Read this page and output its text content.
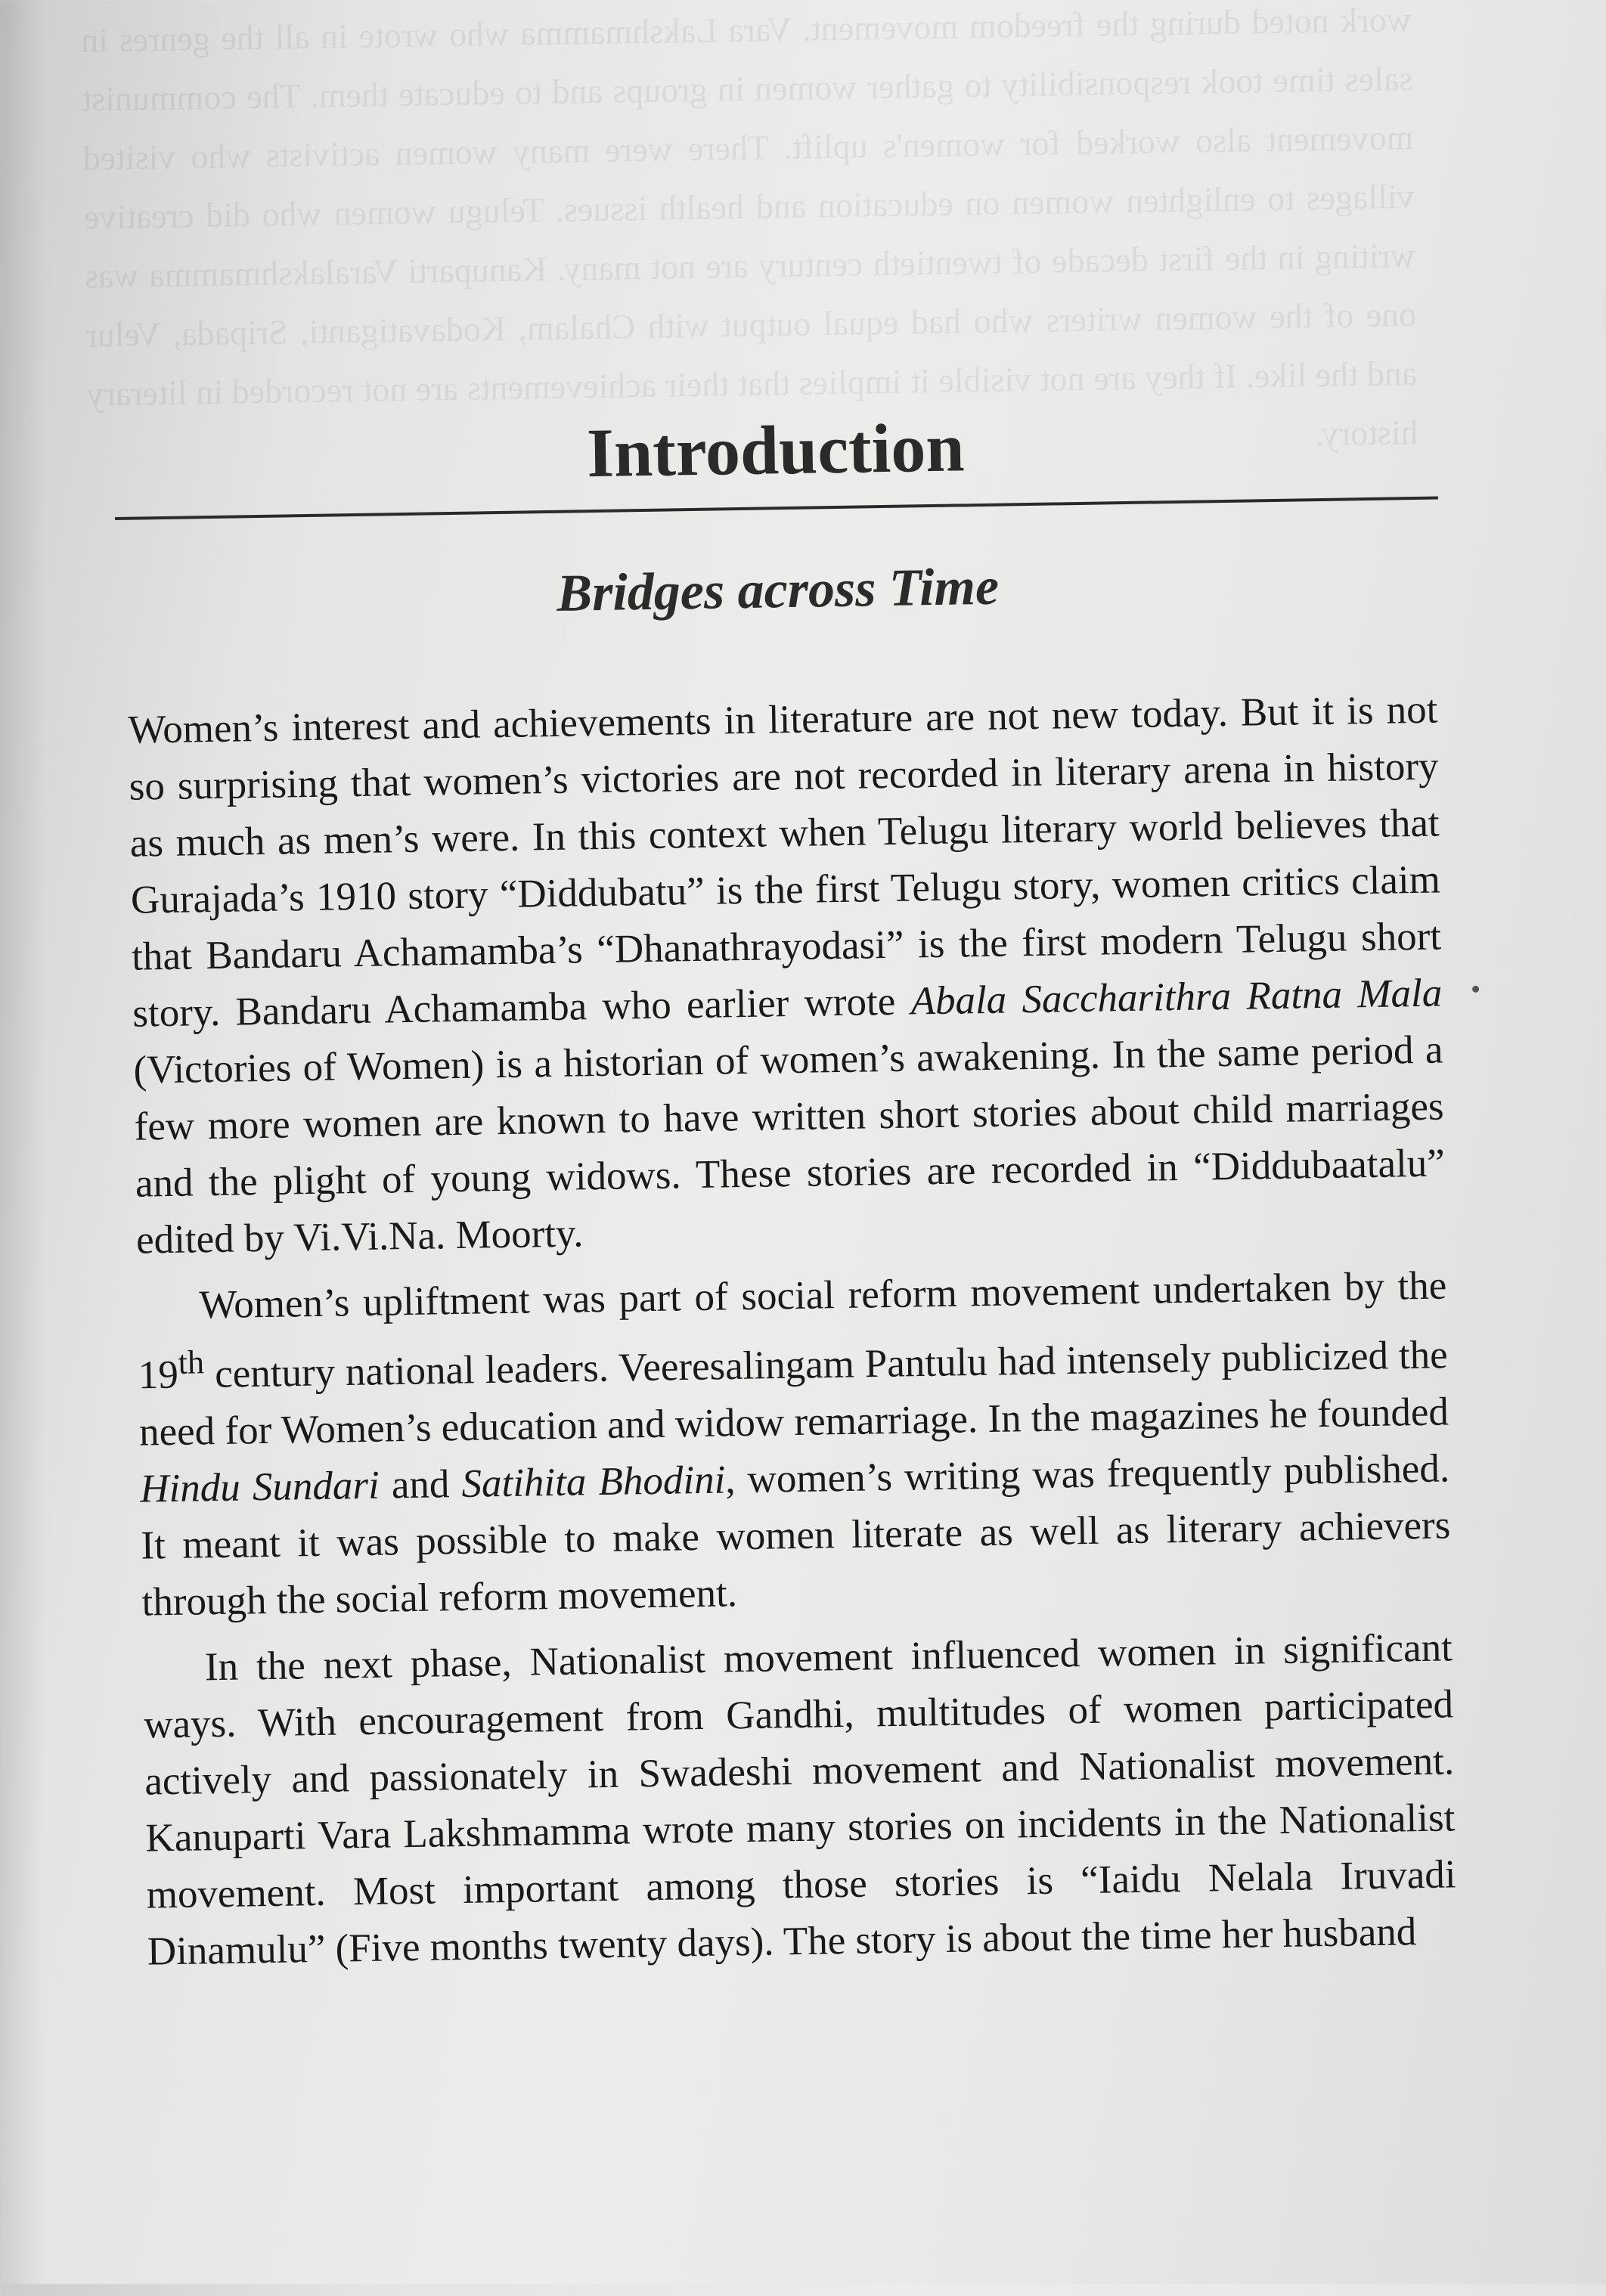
work noted during the freedom movement. Vara Lakshmamma who wrote in all the genres in sales time took responsibility to gather women in groups and to educate them. The communist movement also worked for women's uplift. There were many women activists who visited villages to enlighten women on education and health issues. Telugu women who did creative writing in the first decade of twentieth century are not many. Kanuparti Varalakshmamma was one of the women writers who had equal output with Chalam, Kodavatiganti, Sripada, Velur and the like. If they are not visible it implies that their achievements are not recorded in literary history.
Introduction
Bridges across Time

Women’s interest and achievements in literature are not new today. But it is not so surprising that women’s victories are not recorded in literary arena in history as much as men’s were. In this context when Telugu literary world believes that Gurajada’s 1910 story “Diddubatu” is the first Telugu story, women critics claim that Bandaru Achamamba’s “Dhanathrayodasi” is the first modern Telugu short story. Bandaru Achamamba who earlier wrote Abala Saccharithra Ratna Mala (Victories of Women) is a historian of women’s awakening. In the same period a few more women are known to have written short stories about child marriages and the plight of young widows. These stories are recorded in “Diddubaatalu” edited by Vi.Vi.Na. Moorty.

Women’s upliftment was part of social reform movement undertaken by the 19th century national leaders. Veeresalingam Pantulu had intensely publicized the need for Women’s education and widow remarriage. In the magazines he founded Hindu Sundari and Satihita Bhodini, women’s writing was frequently published. It meant it was possible to make women literate as well as literary achievers through the social reform movement.

In the next phase, Nationalist movement influenced women in significant ways. With encouragement from Gandhi, multitudes of women participated actively and passionately in Swadeshi movement and Nationalist movement. Kanuparti Vara Lakshmamma wrote many stories on incidents in the Nationalist movement. Most important among those stories is “Iaidu Nelala Iruvadi Dinamulu” (Five months twenty days). The story is about the time her husband
